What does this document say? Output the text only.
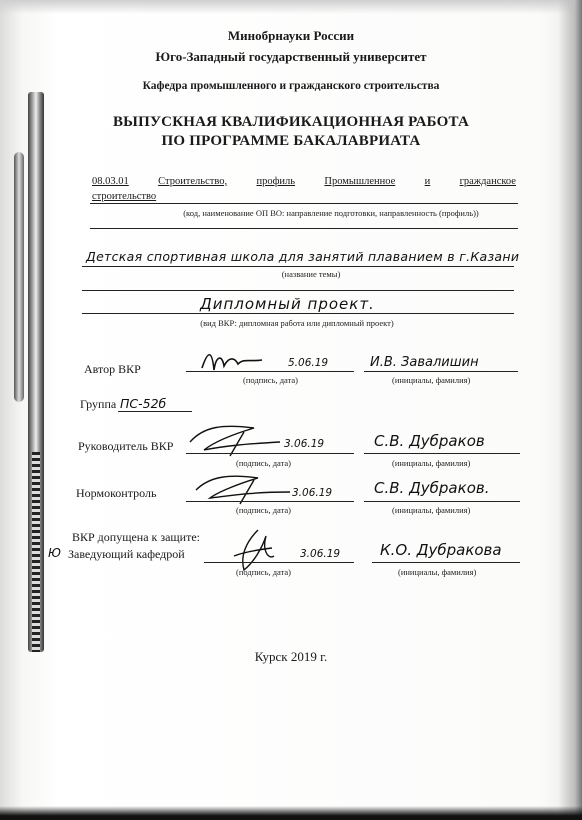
Минобрнауки России
Юго-Западный государственный университет
Кафедра промышленного и гражданского строительства
ВЫПУСКНАЯ КВАЛИФИКАЦИОННАЯ РАБОТА
ПО ПРОГРАММЕ БАКАЛАВРИАТА
08.03.01	Строительство,	профиль	Промышленное	и	гражданское
строительство
(код, наименование ОП ВО: направление подготовки, направленность (профиль))
Детская спортивная школа для занятий плаванием в г.Казани
(название темы)
Дипломный проект.
(вид ВКР: дипломная работа или дипломный проект)
Автор ВКР	5.06.19
(подпись, дата)
И.В. Завалишин
(инициалы, фамилия)
Группа ПС-52б
Руководитель ВКР	3.06.19
(подпись, дата)
С.В. Дубраков
(инициалы, фамилия)
Нормоконтроль	3.06.19
(подпись, дата)
С.В. Дубраков.
(инициалы, фамилия)
ВКР допущена к защите:
Ю Заведующий кафедрой	3.06.19
(подпись, дата)
К.О. Дубракова
(инициалы, фамилия)
Курск 2019 г.
